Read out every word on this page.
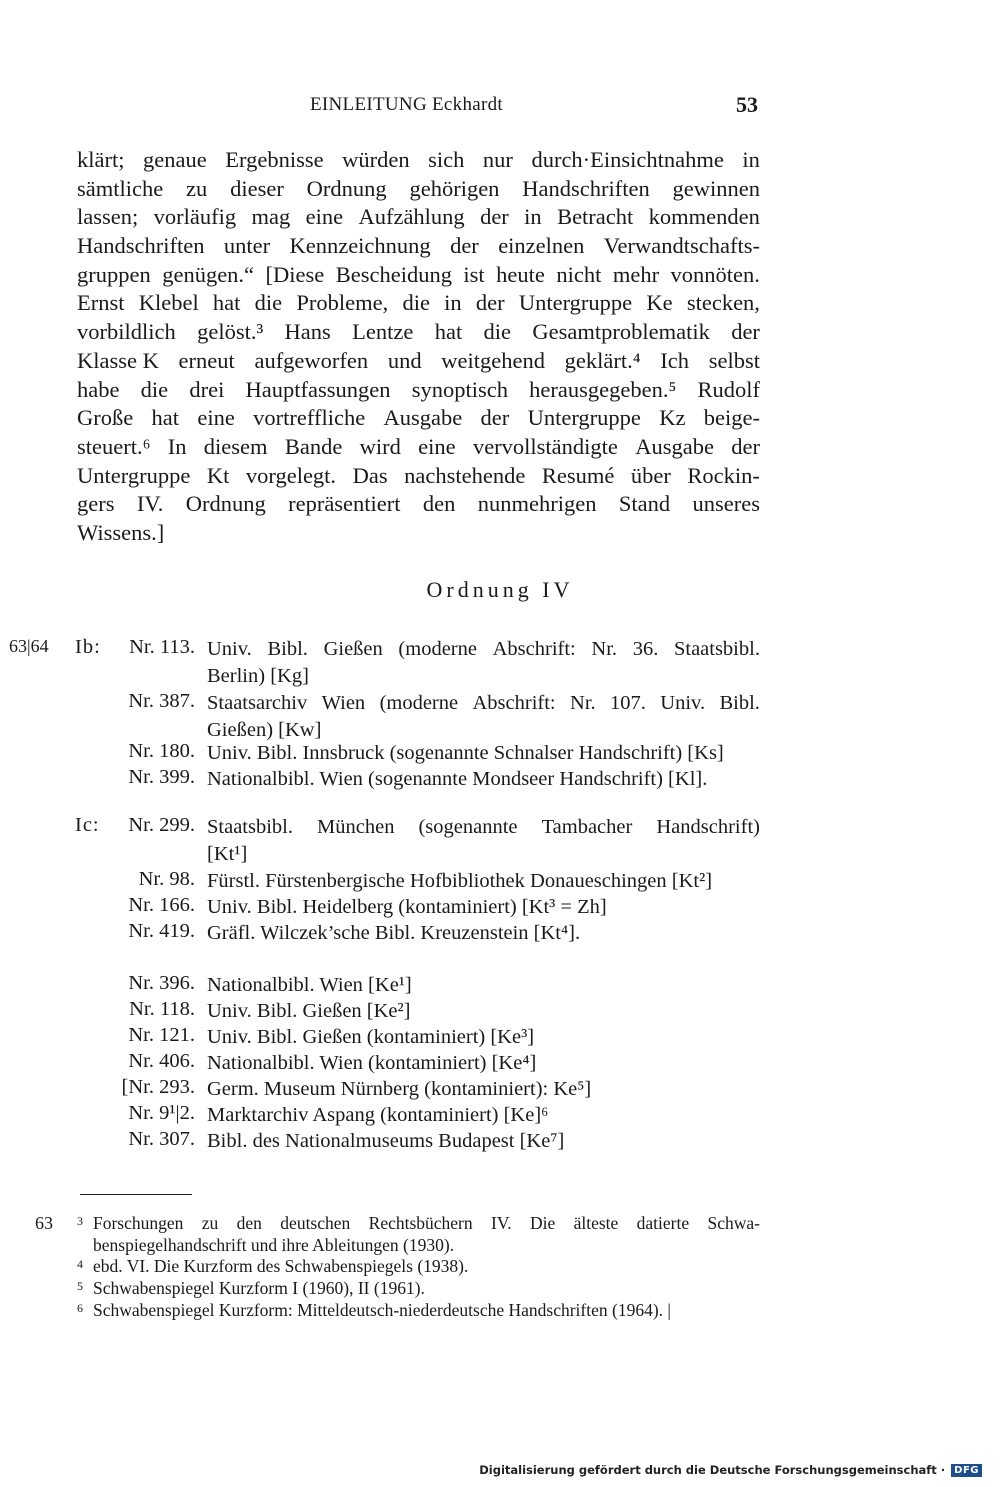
EINLEITUNG Eckhardt	53
klärt; genaue Ergebnisse würden sich nur durch·Einsichtnahme in
sämtliche zu dieser Ordnung gehörigen Handschriften gewinnen
lassen; vorläufig mag eine Aufzählung der in Betracht kommenden
Handschriften unter Kennzeichnung der einzelnen Verwandtschafts-
gruppen genügen.“ [Diese Bescheidung ist heute nicht mehr vonnöten.
Ernst Klebel hat die Probleme, die in der Untergruppe Ke stecken,
vorbildlich gelöst.³ Hans Lentze hat die Gesamtproblematik der
Klasse K erneut aufgeworfen und weitgehend geklärt.⁴ Ich selbst
habe die drei Hauptfassungen synoptisch herausgegeben.⁵ Rudolf
Große hat eine vortreffliche Ausgabe der Untergruppe Kz beige-
steuert.⁶ In diesem Bande wird eine vervollständigte Ausgabe der
Untergruppe Kt vorgelegt. Das nachstehende Resumé über Rockin-
gers IV. Ordnung repräsentiert den nunmehrigen Stand unseres
Wissens.]
Ordnung IV
63|64 Ib: Nr. 113. Univ. Bibl. Gießen (moderne Abschrift: Nr. 36. Staatsbibl.
Berlin) [Kg]
Nr. 387. Staatsarchiv Wien (moderne Abschrift: Nr. 107. Univ. Bibl.
Gießen) [Kw]
Nr. 180. Univ. Bibl. Innsbruck (sogenannte Schnalser Handschrift) [Ks]
Nr. 399. Nationalbibl. Wien (sogenannte Mondseer Handschrift) [Kl].
Ic: Nr. 299. Staatsbibl. München (sogenannte Tambacher Handschrift)
[Kt¹]
Nr. 98. Fürstl. Fürstenbergische Hofbibliothek Donaueschingen [Kt²]
Nr. 166. Univ. Bibl. Heidelberg (kontaminiert) [Kt³ = Zh]
Nr. 419. Gräfl. Wilczek’sche Bibl. Kreuzenstein [Kt⁴].
Nr. 396. Nationalbibl. Wien [Ke¹]
Nr. 118. Univ. Bibl. Gießen [Ke²]
Nr. 121. Univ. Bibl. Gießen (kontaminiert) [Ke³]
Nr. 406. Nationalbibl. Wien (kontaminiert) [Ke⁴]
[Nr. 293. Germ. Museum Nürnberg (kontaminiert): Ke⁵]
Nr. 9¹|2. Marktarchiv Aspang (kontaminiert) [Ke]⁶
Nr. 307. Bibl. des Nationalmuseums Budapest [Ke⁷]
63 3 Forschungen zu den deutschen Rechtsbüchern IV. Die älteste datierte Schwa-
benspiegelhandschrift und ihre Ableitungen (1930).
4 ebd. VI. Die Kurzform des Schwabenspiegels (1938).
5 Schwabenspiegel Kurzform I (1960), II (1961).
6 Schwabenspiegel Kurzform: Mitteldeutsch-niederdeutsche Handschriften (1964). |
Digitalisierung gefördert durch die Deutsche Forschungsgemeinschaft · DFG
